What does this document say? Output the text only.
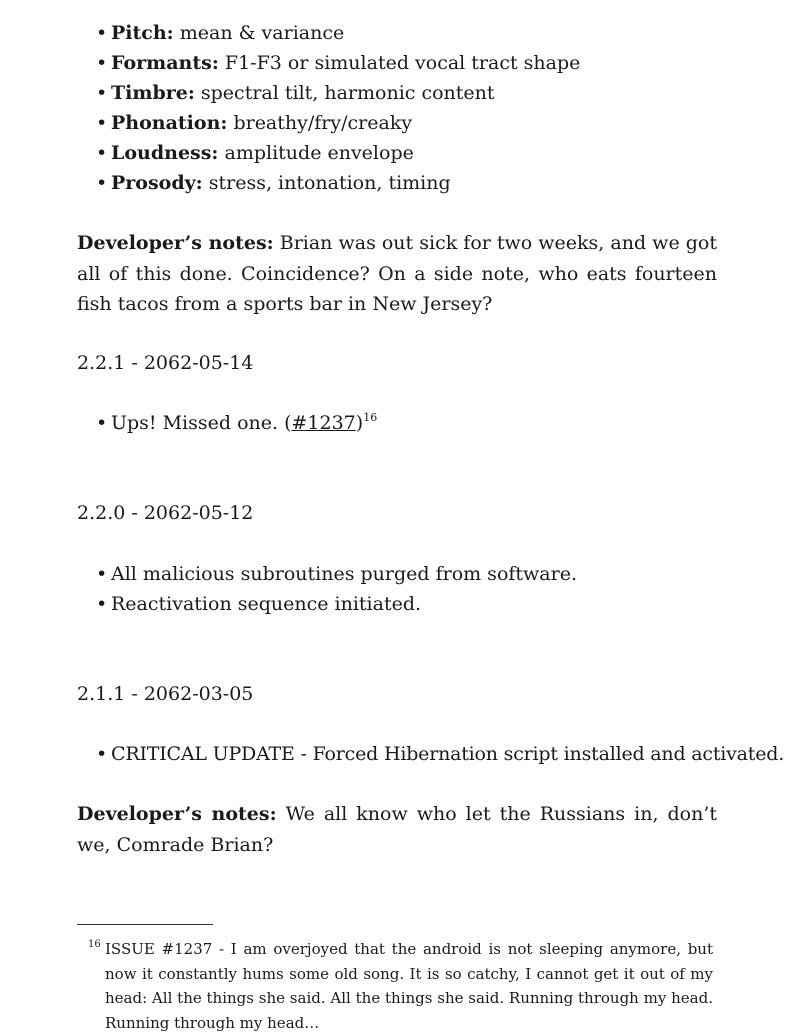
• Pitch: mean & variance
• Formants: F1-F3 or simulated vocal tract shape
• Timbre: spectral tilt, harmonic content
• Phonation: breathy/fry/creaky
• Loudness: amplitude envelope
• Prosody: stress, intonation, timing

Developer’s notes: Brian was out sick for two weeks, and we got all of this done. Coincidence? On a side note, who eats fourteen fish tacos from a sports bar in New Jersey?

2.2.1 - 2062-05-14
• Ups! Missed one. (#1237)$^{16}$
2.2.0 - 2062-05-12
• All malicious subroutines purged from software.
• Reactivation sequence initiated.
2.1.1 - 2062-03-05
• CRITICAL UPDATE - Forced Hibernation script installed and activated.

Developer’s notes: We all know who let the Russians in, don’t we, Comrade Brian?

16 ISSUE #1237 - I am overjoyed that the android is not sleeping anymore, but now it constantly hums some old song. It is so catchy, I cannot get it out of my head: All the things she said. All the things she said. Running through my head. Running through my head…
